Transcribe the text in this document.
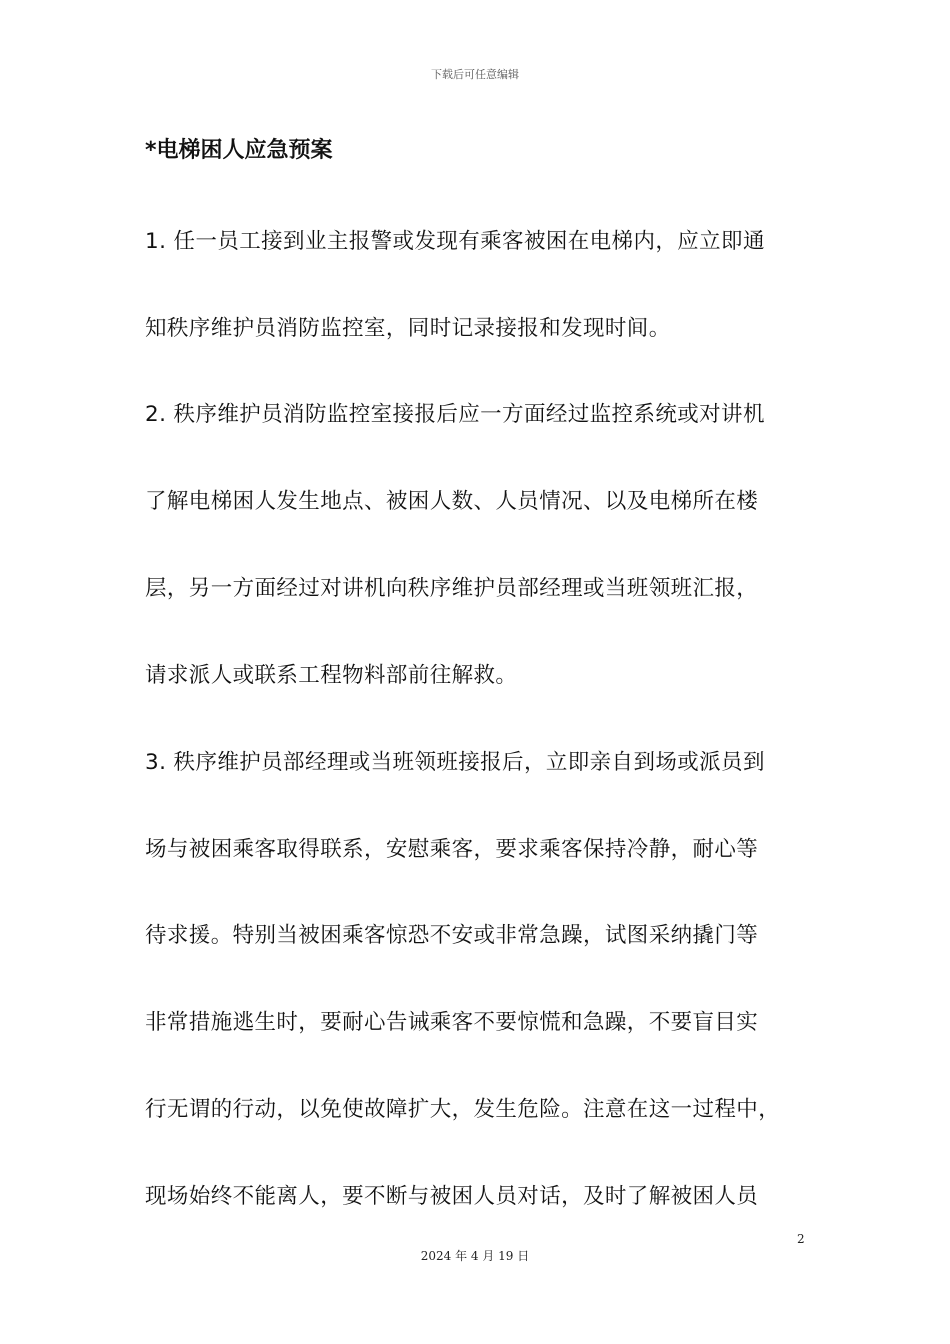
下载后可任意编辑
*电梯困人应急预案
1. 任一员工接到业主报警或发现有乘客被困在电梯内，应立即通
知秩序维护员消防监控室，同时记录接报和发现时间。
2. 秩序维护员消防监控室接报后应一方面经过监控系统或对讲机
了解电梯困人发生地点、被困人数、人员情况、以及电梯所在楼
层，另一方面经过对讲机向秩序维护员部经理或当班领班汇报，
请求派人或联系工程物料部前往解救。
3. 秩序维护员部经理或当班领班接报后，立即亲自到场或派员到
场与被困乘客取得联系，安慰乘客，要求乘客保持冷静，耐心等
待求援。特别当被困乘客惊恐不安或非常急躁，试图采纳撬门等
非常措施逃生时，要耐心告诫乘客不要惊慌和急躁，不要盲目实
行无谓的行动，以免使故障扩大，发生危险。注意在这一过程中，
现场始终不能离人，要不断与被困人员对话，及时了解被困人员
2
2024 年 4 月 19 日
